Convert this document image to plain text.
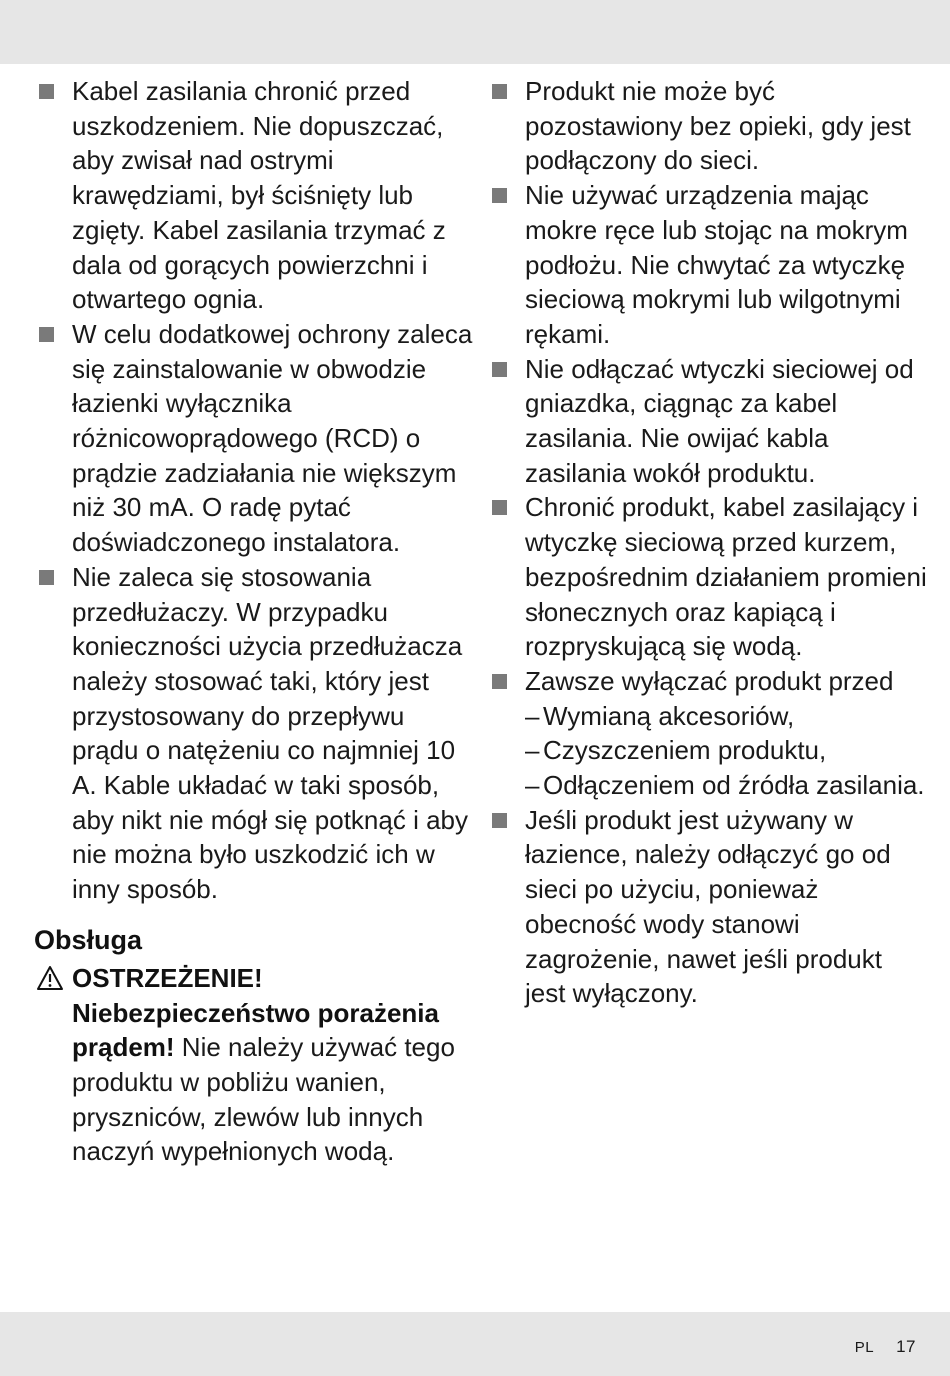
Kabel zasilania chronić przed uszkodzeniem. Nie dopuszczać, aby zwisał nad ostrymi krawędziami, był ściśnięty lub zgięty. Kabel zasilania trzymać z dala od gorących powierzchni i otwartego ognia.

W celu dodatkowej ochrony zaleca się zainstalowanie w obwodzie łazienki wyłącznika różnicowoprądowego (RCD) o prądzie zadziałania nie większym niż 30 mA. O radę pytać doświadczonego instalatora.

Nie zaleca się stosowania przedłużaczy. W przypadku konieczności użycia przedłużacza należy stosować taki, który jest przystosowany do przepływu prądu o natężeniu co najmniej 10 A. Kable układać w taki sposób, aby nikt nie mógł się potknąć i aby nie można było uszkodzić ich w inny sposób.

Obsługa

OSTRZEŻENIE!
Niebezpieczeństwo porażenia prądem! Nie należy używać tego produktu w pobliżu wanien, pryszniców, zlewów lub innych naczyń wypełnionych wodą.

Produkt nie może być pozostawiony bez opieki, gdy jest podłączony do sieci.

Nie używać urządzenia mając mokre ręce lub stojąc na mokrym podłożu. Nie chwytać za wtyczkę sieciową mokrymi lub wilgotnymi rękami.

Nie odłączać wtyczki sieciowej od gniazdka, ciągnąc za kabel zasilania. Nie owijać kabla zasilania wokół produktu.

Chronić produkt, kabel zasilający i wtyczkę sieciową przed kurzem, bezpośrednim działaniem promieni słonecznych oraz kapiącą i rozpryskującą się wodą.

Zawsze wyłączać produkt przed

– Wymianą akcesoriów,
– Czyszczeniem produktu,
– Odłączeniem od źródła zasilania.

Jeśli produkt jest używany w łazience, należy odłączyć go od sieci po użyciu, ponieważ obecność wody stanowi zagrożenie, nawet jeśli produkt jest wyłączony.

PL 17
